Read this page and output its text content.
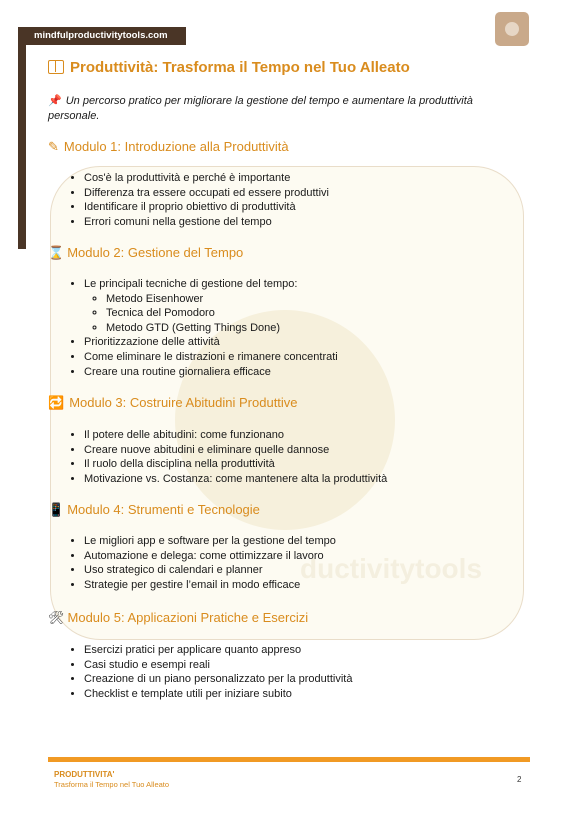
mindfulproductivitytools.com
ductivitytools
Produttività: Trasforma il Tempo nel Tuo Alleato
📌 Un percorso pratico per migliorare la gestione del tempo e aumentare la produttività personale.
✎ Modulo 1: Introduzione alla Produttività
• Cos'è la produttività e perché è importante
• Differenza tra essere occupati ed essere produttivi
• Identificare il proprio obiettivo di produttività
• Errori comuni nella gestione del tempo
⌛ Modulo 2: Gestione del Tempo
• Le principali tecniche di gestione del tempo:
◦ Metodo Eisenhower
◦ Tecnica del Pomodoro
◦ Metodo GTD (Getting Things Done)
• Prioritizzazione delle attività
• Come eliminare le distrazioni e rimanere concentrati
• Creare una routine giornaliera efficace
🔁 Modulo 3: Costruire Abitudini Produttive
• Il potere delle abitudini: come funzionano
• Creare nuove abitudini e eliminare quelle dannose
• Il ruolo della disciplina nella produttività
• Motivazione vs. Costanza: come mantenere alta la produttività
📱 Modulo 4: Strumenti e Tecnologie
• Le migliori app e software per la gestione del tempo
• Automazione e delega: come ottimizzare il lavoro
• Uso strategico di calendari e planner
• Strategie per gestire l’email in modo efficace
🛠 Modulo 5: Applicazioni Pratiche e Esercizi
• Esercizi pratici per applicare quanto appreso
• Casi studio e esempi reali
• Creazione di un piano personalizzato per la produttività
• Checklist e template utili per iniziare subito
PRODUTTIVITA'
Trasforma il Tempo nel Tuo Alleato
2
